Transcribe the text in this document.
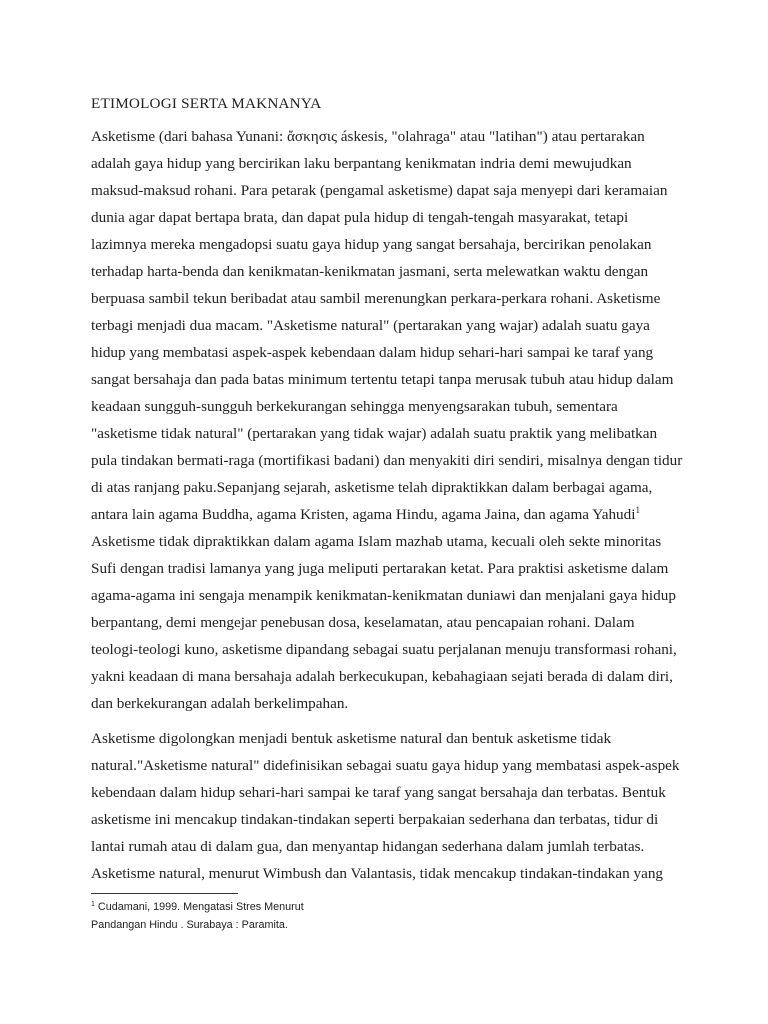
ETIMOLOGI SERTA MAKNANYA
Asketisme (dari bahasa Yunani: ἄσκησις áskesis, "olahraga" atau "latihan") atau pertarakan
adalah gaya hidup yang bercirikan laku berpantang kenikmatan indria demi mewujudkan
maksud-maksud rohani. Para petarak (pengamal asketisme) dapat saja menyepi dari keramaian
dunia agar dapat bertapa brata, dan dapat pula hidup di tengah-tengah masyarakat, tetapi
lazimnya mereka mengadopsi suatu gaya hidup yang sangat bersahaja, bercirikan penolakan
terhadap harta-benda dan kenikmatan-kenikmatan jasmani, serta melewatkan waktu dengan
berpuasa sambil tekun beribadat atau sambil merenungkan perkara-perkara rohani. Asketisme
terbagi menjadi dua macam. "Asketisme natural" (pertarakan yang wajar) adalah suatu gaya
hidup yang membatasi aspek-aspek kebendaan dalam hidup sehari-hari sampai ke taraf yang
sangat bersahaja dan pada batas minimum tertentu tetapi tanpa merusak tubuh atau hidup dalam
keadaan sungguh-sungguh berkekurangan sehingga menyengsarakan tubuh, sementara
"asketisme tidak natural" (pertarakan yang tidak wajar) adalah suatu praktik yang melibatkan
pula tindakan bermati-raga (mortifikasi badani) dan menyakiti diri sendiri, misalnya dengan tidur
di atas ranjang paku.Sepanjang sejarah, asketisme telah dipraktikkan dalam berbagai agama,
antara lain agama Buddha, agama Kristen, agama Hindu, agama Jaina, dan agama Yahudi$^1$
Asketisme tidak dipraktikkan dalam agama Islam mazhab utama, kecuali oleh sekte minoritas
Sufi dengan tradisi lamanya yang juga meliputi pertarakan ketat. Para praktisi asketisme dalam
agama-agama ini sengaja menampik kenikmatan-kenikmatan duniawi dan menjalani gaya hidup
berpantang, demi mengejar penebusan dosa, keselamatan, atau pencapaian rohani. Dalam
teologi-teologi kuno, asketisme dipandang sebagai suatu perjalanan menuju transformasi rohani,
yakni keadaan di mana bersahaja adalah berkecukupan, kebahagiaan sejati berada di dalam diri,
dan berkekurangan adalah berkelimpahan.
Asketisme digolongkan menjadi bentuk asketisme natural dan bentuk asketisme tidak
natural."Asketisme natural" didefinisikan sebagai suatu gaya hidup yang membatasi aspek-aspek
kebendaan dalam hidup sehari-hari sampai ke taraf yang sangat bersahaja dan terbatas. Bentuk
asketisme ini mencakup tindakan-tindakan seperti berpakaian sederhana dan terbatas, tidur di
lantai rumah atau di dalam gua, dan menyantap hidangan sederhana dalam jumlah terbatas.
Asketisme natural, menurut Wimbush dan Valantasis, tidak mencakup tindakan-tindakan yang
$^1$ Cudamani, 1999. Mengatasi Stres Menurut
Pandangan Hindu . Surabaya : Paramita.
